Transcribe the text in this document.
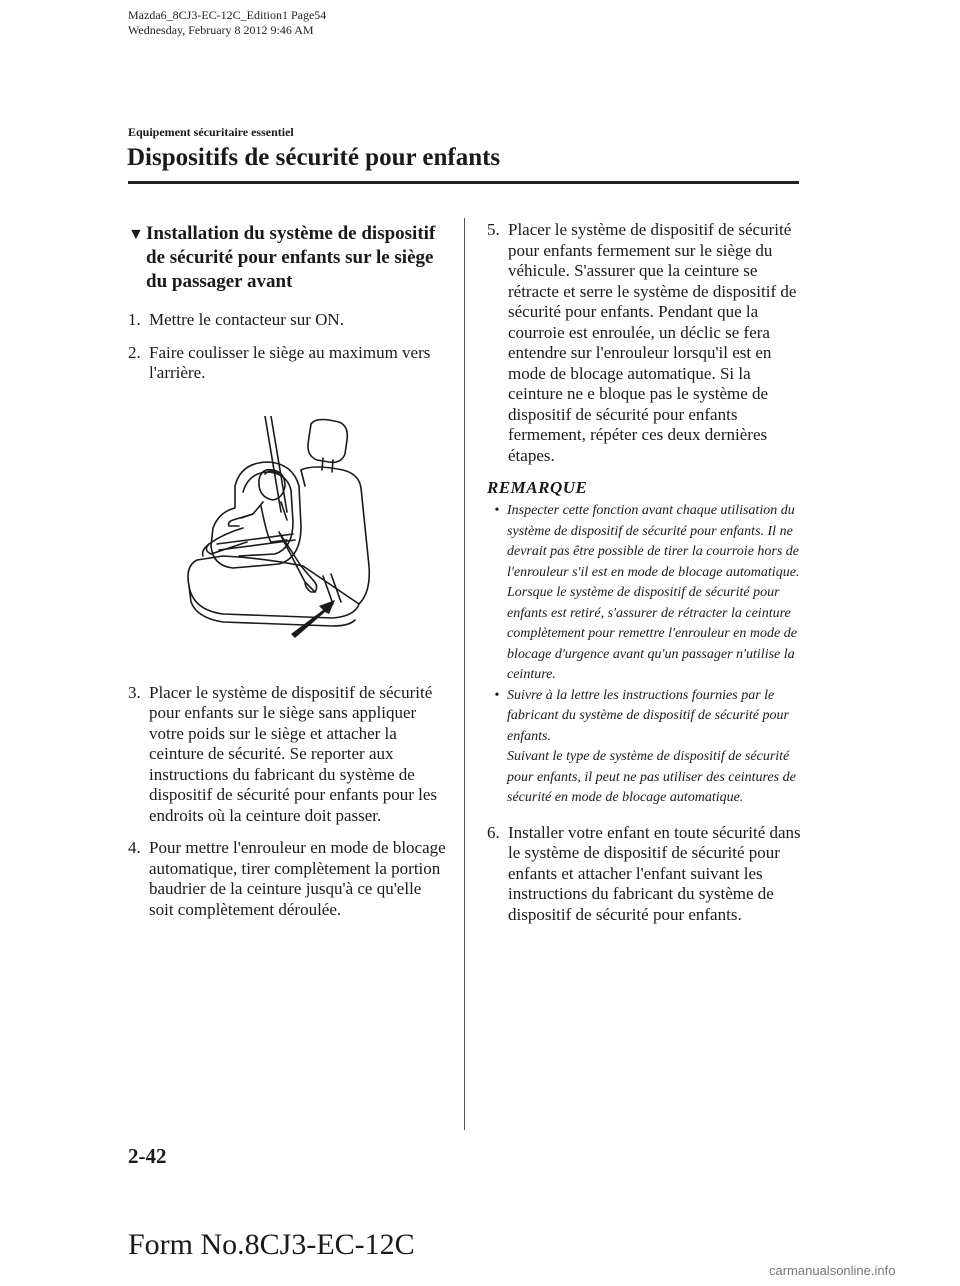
Mazda6_8CJ3-EC-12C_Edition1 Page54
Wednesday, February 8 2012 9:46 AM
Equipement sécuritaire essentiel
Dispositifs de sécurité pour enfants
▼ Installation du système de dispositif de sécurité pour enfants sur le siège du passager avant
1. Mettre le contacteur sur ON.
2. Faire coulisser le siège au maximum vers l'arrière.
3. Placer le système de dispositif de sécurité pour enfants sur le siège sans appliquer votre poids sur le siège et attacher la ceinture de sécurité. Se reporter aux instructions du fabricant du système de dispositif de sécurité pour enfants pour les endroits où la ceinture doit passer.
4. Pour mettre l'enrouleur en mode de blocage automatique, tirer complètement la portion baudrier de la ceinture jusqu'à ce qu'elle soit complètement déroulée.
5. Placer le système de dispositif de sécurité pour enfants fermement sur le siège du véhicule. S'assurer que la ceinture se rétracte et serre le système de dispositif de sécurité pour enfants. Pendant que la courroie est enroulée, un déclic se fera entendre sur l'enrouleur lorsqu'il est en mode de blocage automatique. Si la ceinture ne e bloque pas le système de dispositif de sécurité pour enfants fermement, répéter ces deux dernières étapes.
REMARQUE
• Inspecter cette fonction avant chaque utilisation du système de dispositif de sécurité pour enfants. Il ne devrait pas être possible de tirer la courroie hors de l'enrouleur s'il est en mode de blocage automatique. Lorsque le système de dispositif de sécurité pour enfants est retiré, s'assurer de rétracter la ceinture complètement pour remettre l'enrouleur en mode de blocage d'urgence avant qu'un passager n'utilise la ceinture.
• Suivre à la lettre les instructions fournies par le fabricant du système de dispositif de sécurité pour enfants.
Suivant le type de système de dispositif de sécurité pour enfants, il peut ne pas utiliser des ceintures de sécurité en mode de blocage automatique.
6. Installer votre enfant en toute sécurité dans le système de dispositif de sécurité pour enfants et attacher l'enfant suivant les instructions du fabricant du système de dispositif de sécurité pour enfants.
2-42
Form No.8CJ3-EC-12C
carmanualsonline.info
